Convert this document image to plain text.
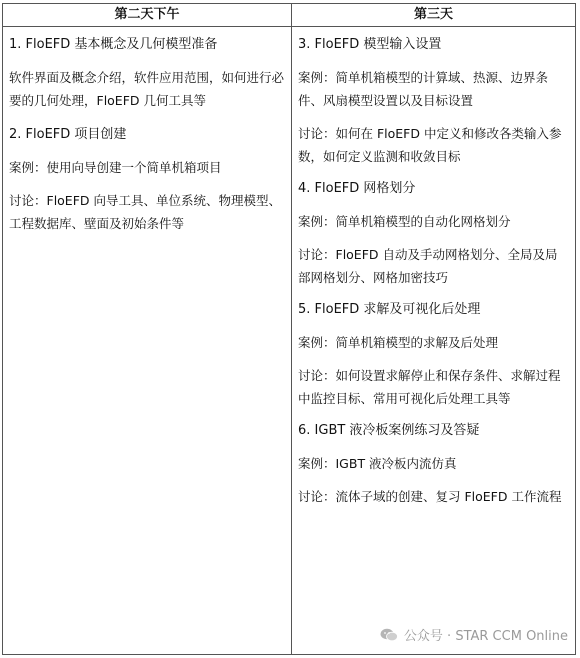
第二天下午
1. FloEFD 基本概念及几何模型准备
软件界面及概念介绍，软件应用范围，如何进行必要的几何处理，FloEFD 几何工具等
2. FloEFD 项目创建
案例：使用向导创建一个简单机箱项目
讨论：FloEFD 向导工具、单位系统、物理模型、工程数据库、壁面及初始条件等
第三天
3. FloEFD 模型输入设置
案例：简单机箱模型的计算域、热源、边界条件、风扇模型设置以及目标设置
讨论：如何在 FloEFD 中定义和修改各类输入参数，如何定义监测和收敛目标
4. FloEFD 网格划分
案例：简单机箱模型的自动化网格划分
讨论：FloEFD 自动及手动网格划分、全局及局部网格划分、网格加密技巧
5. FloEFD 求解及可视化后处理
案例：简单机箱模型的求解及后处理
讨论：如何设置求解停止和保存条件、求解过程中监控目标、常用可视化后处理工具等
6. IGBT 液冷板案例练习及答疑
案例：IGBT 液冷板内流仿真
讨论：流体子域的创建、复习 FloEFD 工作流程
公众号 · STAR CCM Online
